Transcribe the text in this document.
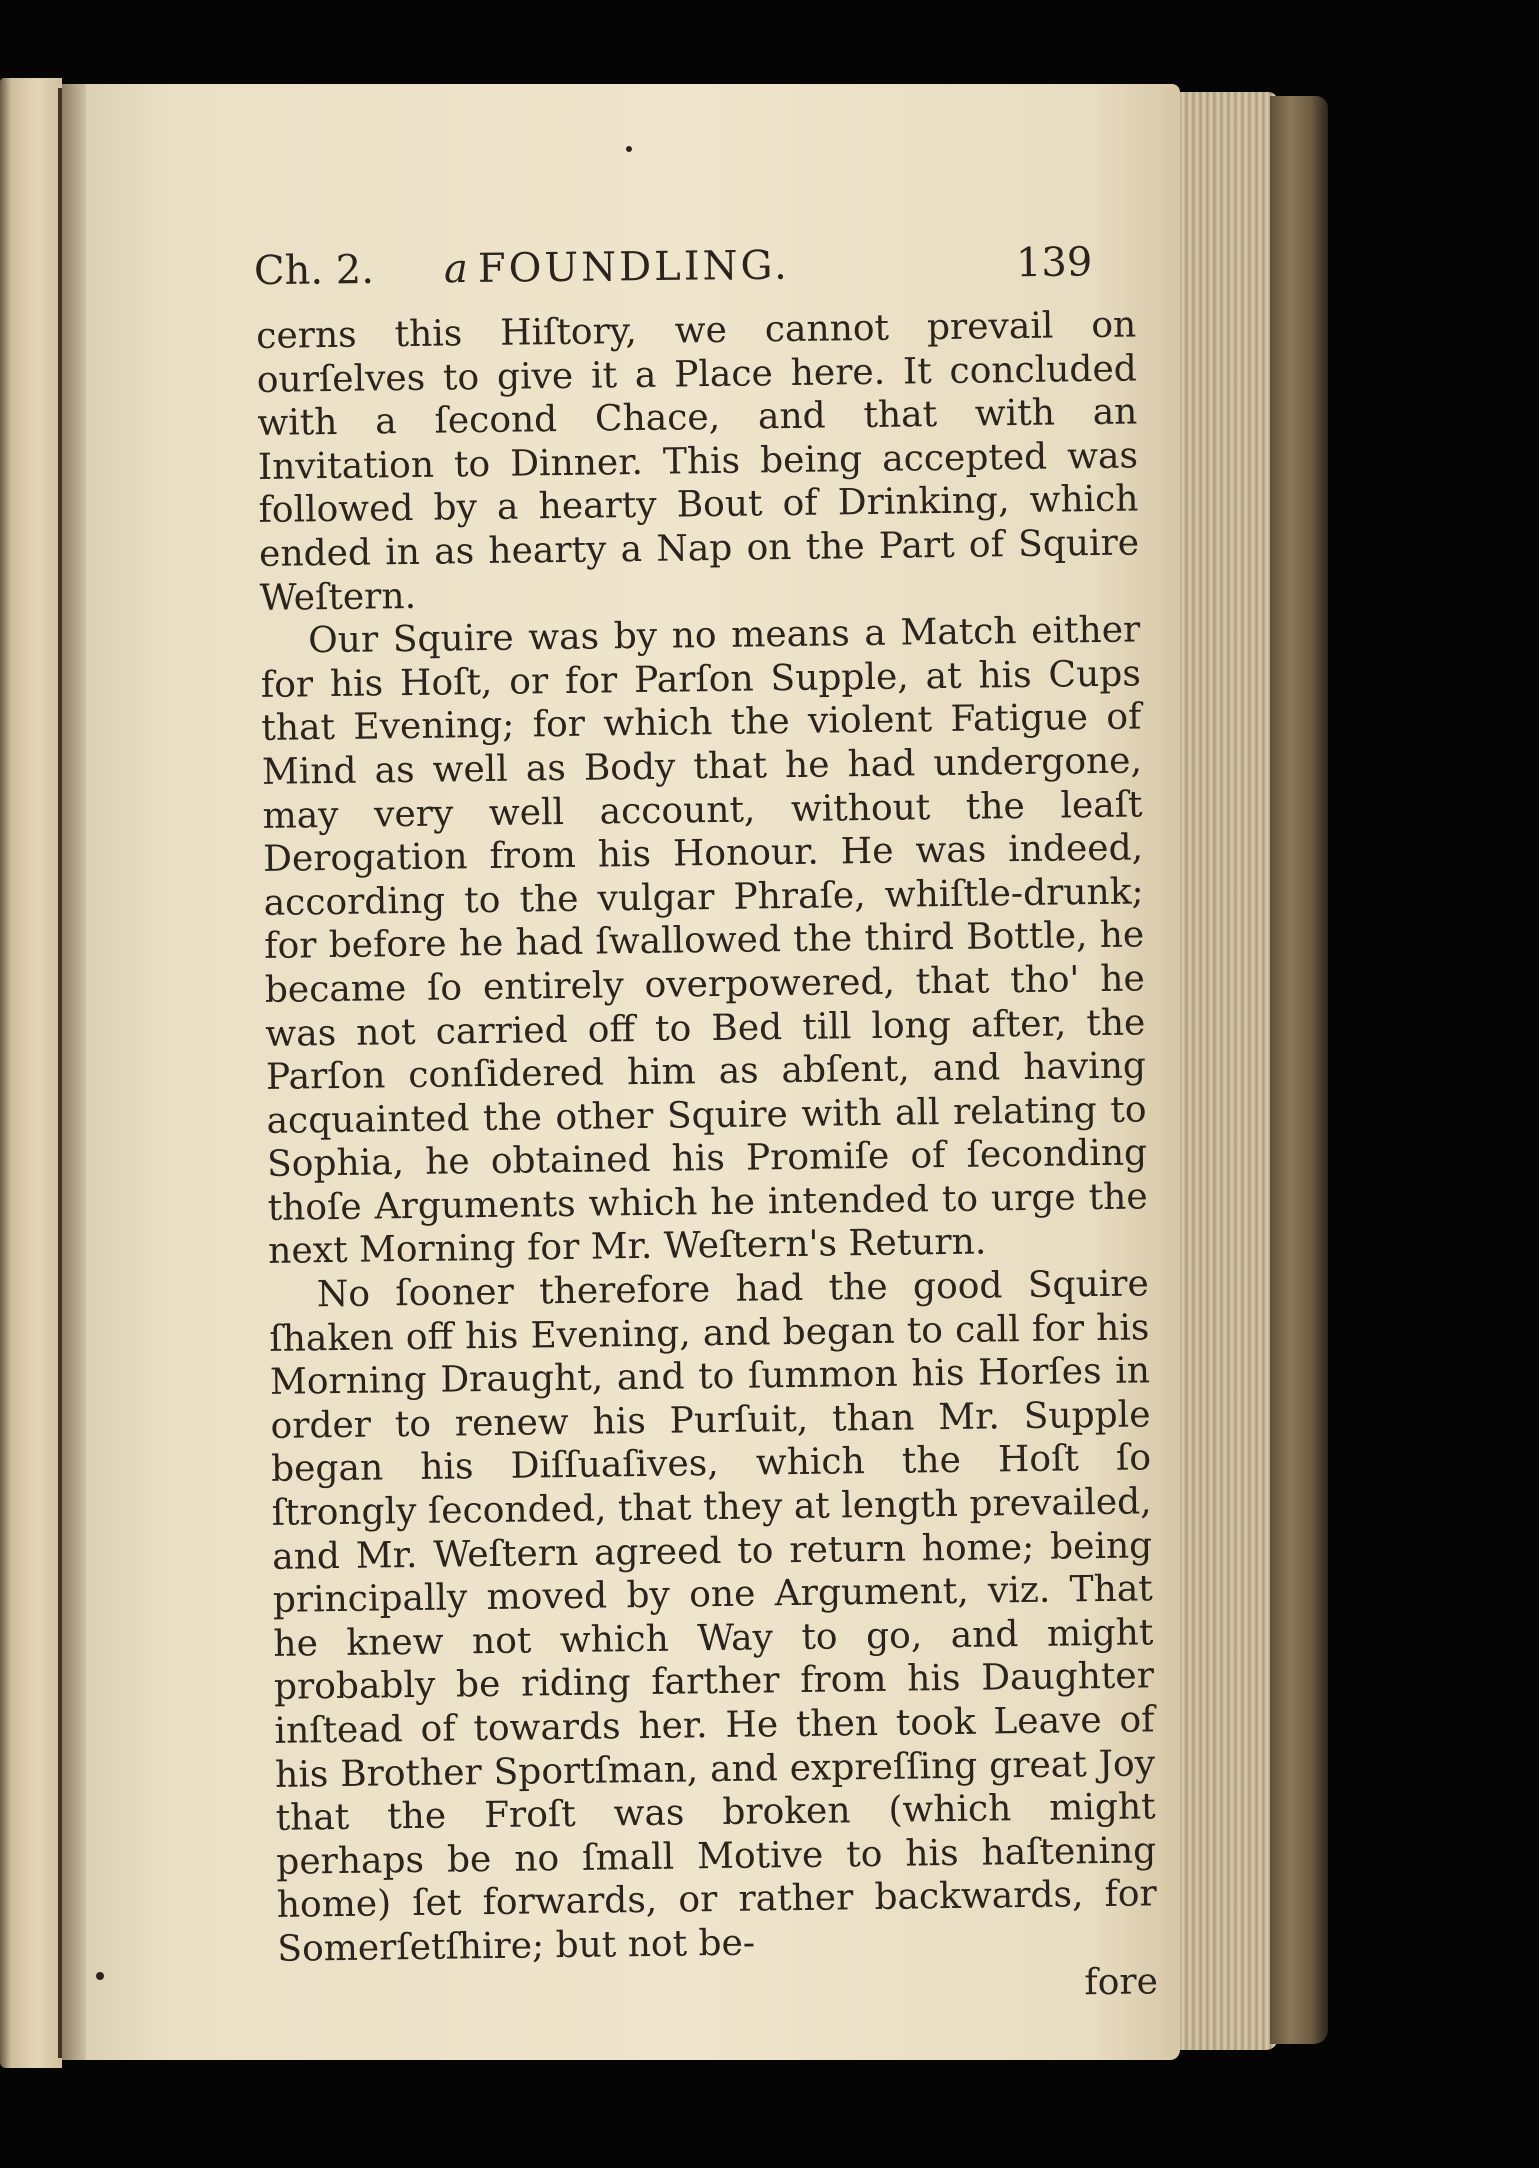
Ch. 2. a FOUNDLING.	139

cerns this Hiſtory, we cannot prevail on ourſelves to give it a Place here. It concluded with a ſecond Chace, and that with an Invitation to Dinner. This being accepted was followed by a hearty Bout of Drinking, which ended in as hearty a Nap on the Part of Squire Weſtern.

Our Squire was by no means a Match either for his Hoſt, or for Parſon Supple, at his Cups that Evening; for which the violent Fatigue of Mind as well as Body that he had undergone, may very well account, without the leaſt Derogation from his Honour. He was indeed, according to the vulgar Phraſe, whiſtle-drunk; for before he had ſwallowed the third Bottle, he became ſo entirely overpowered, that tho' he was not carried off to Bed till long after, the Parſon conſidered him as abſent, and having acquainted the other Squire with all relating to Sophia, he obtained his Promiſe of ſeconding thoſe Arguments which he intended to urge the next Morning for Mr. Weſtern's Return.

No ſooner therefore had the good Squire ſhaken off his Evening, and began to call for his Morning Draught, and to ſummon his Horſes in order to renew his Purſuit, than Mr. Supple began his Diſſuaſives, which the Hoſt ſo ſtrongly ſeconded, that they at length prevailed, and Mr. Weſtern agreed to return home; being principally moved by one Argument, viz. That he knew not which Way to go, and might probably be riding farther from his Daughter inſtead of towards her. He then took Leave of his Brother Sportſman, and expreſſing great Joy that the Froſt was broken (which might perhaps be no ſmall Motive to his haſtening home) ſet forwards, or rather backwards, for Somerſetſhire; but not be-

fore
